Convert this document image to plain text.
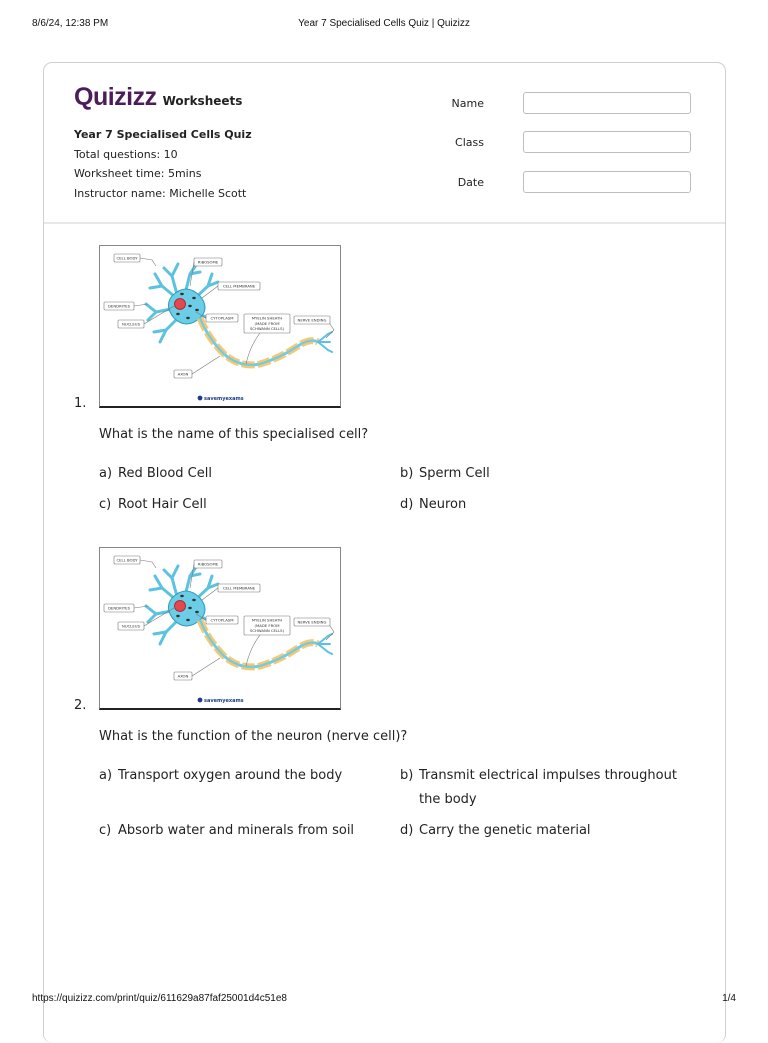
8/6/24, 12:38 PM	Year 7 Specialised Cells Quiz | Quizizz
Quizizz Worksheets
Year 7 Specialised Cells Quiz
Total questions: 10
Worksheet time: 5mins
Instructor name: Michelle Scott
Name
Class
Date
CELL BODY
RIBOSOME
CELL MEMBRANE
DENDRITES
NUCLEUS
CYTOPLASM	MYELIN SHEATH
(MADE FROM
SCHWANN CELLS)
NERVE ENDING
AXON
savemyexams
1.
What is the name of this specialised cell?
a) Red Blood Cell	b) Sperm Cell
c) Root Hair Cell	d) Neuron
CELL BODY
RIBOSOME
CELL MEMBRANE
DENDRITES
NUCLEUS
CYTOPLASM	MYELIN SHEATH
(MADE FROM
SCHWANN CELLS)
NERVE ENDING
AXON
savemyexams
2.
What is the function of the neuron (nerve cell)?
a) Transport oxygen around the body	b) Transmit electrical impulses throughout the body
c) Absorb water and minerals from soil	d) Carry the genetic material
https://quizizz.com/print/quiz/611629a87faf25001d4c51e8	1/4
